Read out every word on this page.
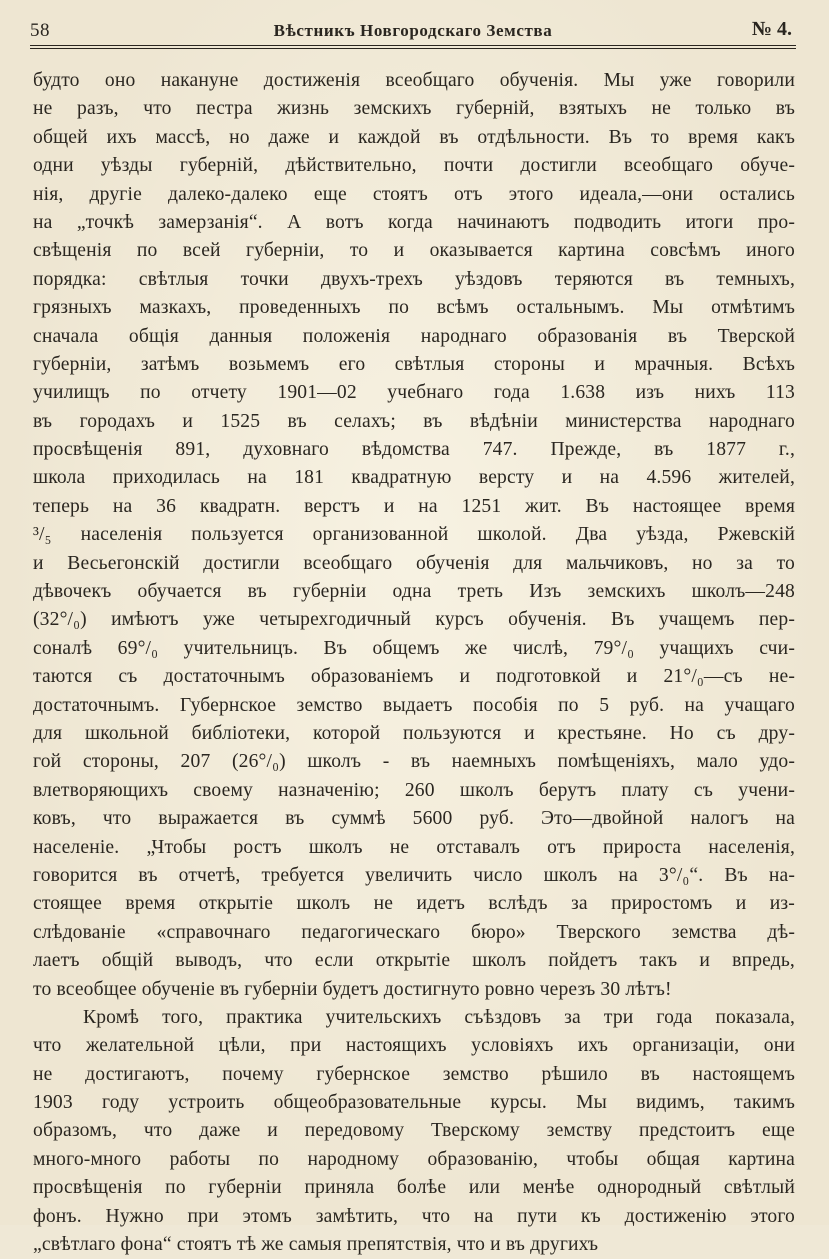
58	Вѣстникъ Новгородскаго Земства	№ 4.
будто оно накануне достиженія всеобщаго обученія. Мы уже говорили
не разъ, что пестра жизнь земскихъ губерній, взятыхъ не только въ
общей ихъ массѣ, но даже и каждой въ отдѣльности. Въ то время какъ
одни уѣзды губерній, дѣйствительно, почти достигли всеобщаго обуче-
нія, другіе далеко-далеко еще стоятъ отъ этого идеала,—они остались
на „точкѣ замерзанія“. А вотъ когда начинаютъ подводить итоги про-
свѣщенія по всей губерніи, то и оказывается картина совсѣмъ иного
порядка: свѣтлыя точки двухъ-трехъ уѣздовъ теряются въ темныхъ,
грязныхъ мазкахъ, проведенныхъ по всѣмъ остальнымъ. Мы отмѣтимъ
сначала общія данныя положенія народнаго образованія въ Тверской
губерніи, затѣмъ возьмемъ его свѣтлыя стороны и мрачныя. Всѣхъ
училищъ по отчету 1901—02 учебнаго года 1.638 изъ нихъ 113
въ городахъ и 1525 въ селахъ; въ вѣдѣніи министерства народнаго
просвѣщенія 891, духовнаго вѣдомства 747. Прежде, въ 1877 г.,
школа приходилась на 181 квадратную версту и на 4.596 жителей,
теперь на 36 квадратн. верстъ и на 1251 жит. Въ настоящее время
³/₅ населенія пользуется организованной школой. Два уѣзда, Ржевскій
и Весьегонскій достигли всеобщаго обученія для мальчиковъ, но за то
дѣвочекъ обучается въ губерніи одна треть Изъ земскихъ школъ—248
(32°/₀) имѣютъ уже четырехгодичный курсъ обученія. Въ учащемъ пер-
соналѣ 69°/₀ учительницъ. Въ общемъ же числѣ, 79°/₀ учащихъ счи-
таются съ достаточнымъ образованіемъ и подготовкой и 21°/₀—съ не-
достаточнымъ. Губернское земство выдаетъ пособія по 5 руб. на учащаго
для школьной библіотеки, которой пользуются и крестьяне. Но съ дру-
гой стороны, 207 (26°/₀) школъ - въ наемныхъ помѣщеніяхъ, мало удо-
влетворяющихъ своему назначенію; 260 школъ берутъ плату съ учени-
ковъ, что выражается въ суммѣ 5600 руб. Это—двойной налогъ на
населеніе. „Чтобы ростъ школъ не отставалъ отъ прироста населенія,
говорится въ отчетѣ, требуется увеличить число школъ на 3°/₀“. Въ на-
стоящее время открытіе школъ не идетъ вслѣдъ за приростомъ и из-
слѣдованіе «справочнаго педагогическаго бюро» Тверского земства дѣ-
лаетъ общій выводъ, что если открытіе школъ пойдетъ такъ и впредь,
то всеобщее обученіе въ губерніи будетъ достигнуто ровно черезъ 30 лѣтъ!
Кромѣ того, практика учительскихъ съѣздовъ за три года показала,
что желательной цѣли, при настоящихъ условіяхъ ихъ организаціи, они
не достигаютъ, почему губернское земство рѣшило въ настоящемъ
1903 году устроить общеобразовательные курсы. Мы видимъ, такимъ
образомъ, что даже и передовому Тверскому земству предстоитъ еще
много-много работы по народному образованію, чтобы общая картина
просвѣщенія по губерніи приняла болѣе или менѣе однородный свѣтлый
фонъ. Нужно при этомъ замѣтить, что на пути къ достиженію этого
„свѣтлаго фона“ стоятъ тѣ же самыя препятствія, что и въ другихъ
